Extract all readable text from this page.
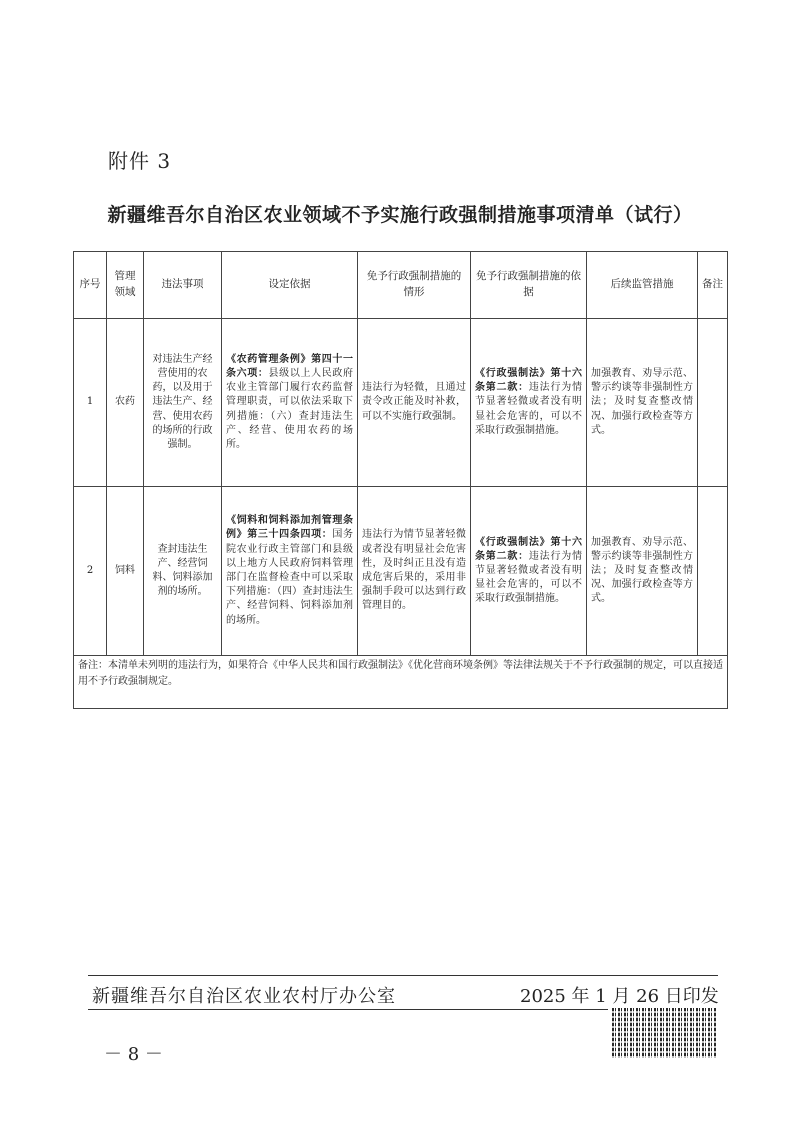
附件 3
新疆维吾尔自治区农业领域不予实施行政强制措施事项清单（试行）
序号	管理领域	违法事项	设定依据	免予行政强制措施的情形	免予行政强制措施的依据	后续监管措施	备注
1	农药	对违法生产经营使用的农药，以及用于违法生产、经营、使用农药的场所的行政强制。	《农药管理条例》第四十一条六项：县级以上人民政府农业主管部门履行农药监督管理职责，可以依法采取下列措施：（六）查封违法生产、经营、使用农药的场所。	违法行为轻微，且通过责令改正能及时补救，可以不实施行政强制。	《行政强制法》第十六条第二款：违法行为情节显著轻微或者没有明显社会危害的，可以不采取行政强制措施。	加强教育、劝导示范、警示约谈等非强制性方法；及时复查整改情况、加强行政检查等方式。	
2	饲料	查封违法生产、经营饲料、饲料添加剂的场所。	《饲料和饲料添加剂管理条例》第三十四条四项：国务院农业行政主管部门和县级以上地方人民政府饲料管理部门在监督检查中可以采取下列措施：（四）查封违法生产、经营饲料、饲料添加剂的场所。	违法行为情节显著轻微或者没有明显社会危害性，及时纠正且没有造成危害后果的，采用非强制手段可以达到行政管理目的。	《行政强制法》第十六条第二款：违法行为情节显著轻微或者没有明显社会危害的，可以不采取行政强制措施。	加强教育、劝导示范、警示约谈等非强制性方法；及时复查整改情况、加强行政检查等方式。	
备注：本清单未列明的违法行为，如果符合《中华人民共和国行政强制法》《优化营商环境条例》等法律法规关于不予行政强制的规定，可以直接适用不予行政强制规定。							
新疆维吾尔自治区农业农村厅办公室	2025 年 1 月 26 日印发
－ 8 －
